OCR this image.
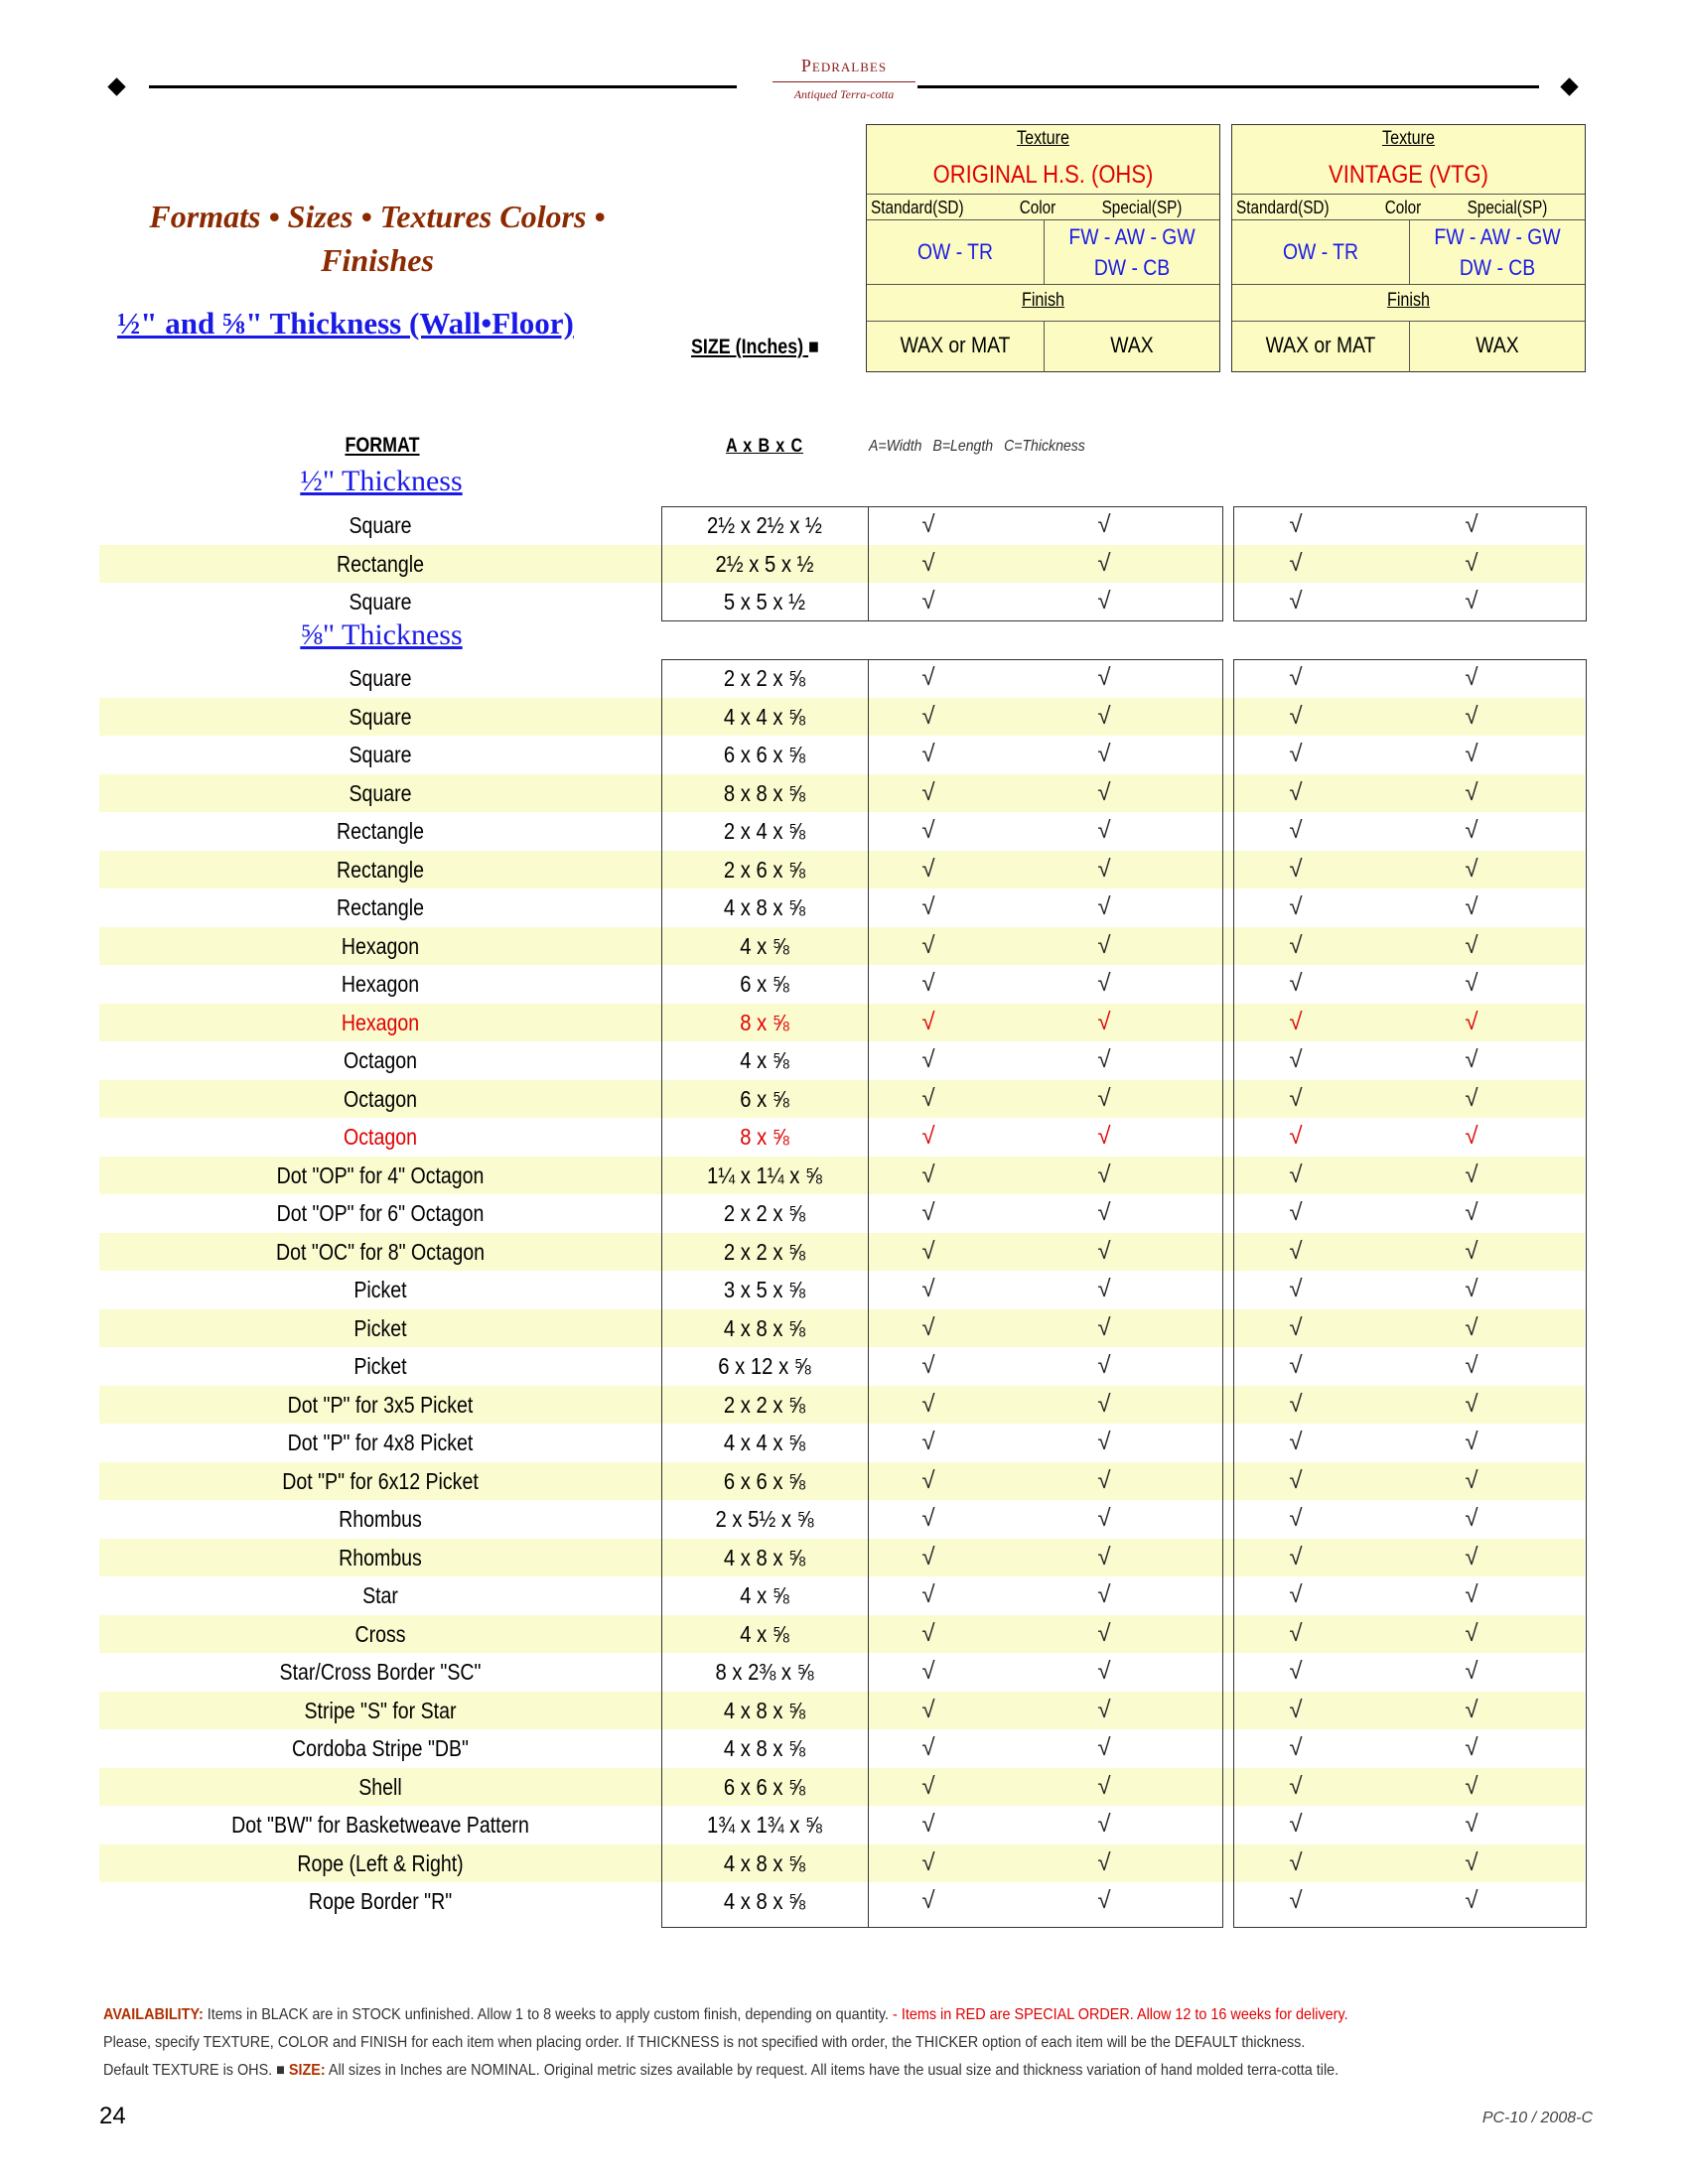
Pedralbes
Antiqued Terra-cotta
Formats • Sizes • Textures Colors •
Finishes
½" and ⅝" Thickness (Wall•Floor)
SIZE (Inches) ■
Texture
ORIGINAL H.S. (OHS)
Standard(SD)	Color	Special(SP)
OW - TR
FW - AW - GW
DW - CB
Finish
WAX or MAT	WAX
Texture
VINTAGE (VTG)
Standard(SD)	Color	Special(SP)
OW - TR
FW - AW - GW
DW - CB
Finish
WAX or MAT	WAX
FORMAT	A x B x C	A=Width B=Length C=Thickness
½" Thickness
Square	2½ x 2½ x ½	√	√	√	√
Rectangle	2½ x 5 x ½	√	√	√	√
Square	5 x 5 x ½	√	√	√	√
⅝" Thickness
Square	2 x 2 x ⅝	√	√	√	√
Square	4 x 4 x ⅝	√	√	√	√
Square	6 x 6 x ⅝	√	√	√	√
Square	8 x 8 x ⅝	√	√	√	√
Rectangle	2 x 4 x ⅝	√	√	√	√
Rectangle	2 x 6 x ⅝	√	√	√	√
Rectangle	4 x 8 x ⅝	√	√	√	√
Hexagon	4 x ⅝	√	√	√	√
Hexagon	6 x ⅝	√	√	√	√
Hexagon	8 x ⅝	√	√	√	√
Octagon	4 x ⅝	√	√	√	√
Octagon	6 x ⅝	√	√	√	√
Octagon	8 x ⅝	√	√	√	√
Dot "OP" for 4" Octagon	1¼ x 1¼ x ⅝	√	√	√	√
Dot "OP" for 6" Octagon	2 x 2 x ⅝	√	√	√	√
Dot "OC" for 8" Octagon	2 x 2 x ⅝	√	√	√	√
Picket	3 x 5 x ⅝	√	√	√	√
Picket	4 x 8 x ⅝	√	√	√	√
Picket	6 x 12 x ⅝	√	√	√	√
Dot "P" for 3x5 Picket	2 x 2 x ⅝	√	√	√	√
Dot "P" for 4x8 Picket	4 x 4 x ⅝	√	√	√	√
Dot "P" for 6x12 Picket	6 x 6 x ⅝	√	√	√	√
Rhombus	2 x 5½ x ⅝	√	√	√	√
Rhombus	4 x 8 x ⅝	√	√	√	√
Star	4 x ⅝	√	√	√	√
Cross	4 x ⅝	√	√	√	√
Star/Cross Border "SC"	8 x 2⅜ x ⅝	√	√	√	√
Stripe "S" for Star	4 x 8 x ⅝	√	√	√	√
Cordoba Stripe "DB"	4 x 8 x ⅝	√	√	√	√
Shell	6 x 6 x ⅝	√	√	√	√
Dot "BW" for Basketweave Pattern	1¾ x 1¾ x ⅝	√	√	√	√
Rope (Left & Right)	4 x 8 x ⅝	√	√	√	√
Rope Border "R"	4 x 8 x ⅝	√	√	√	√
AVAILABILITY: Items in BLACK are in STOCK unfinished. Allow 1 to 8 weeks to apply custom finish, depending on quantity. - Items in RED are SPECIAL ORDER. Allow 12 to 16 weeks for delivery.
Please, specify TEXTURE, COLOR and FINISH for each item when placing order. If THICKNESS is not specified with order, the THICKER option of each item will be the DEFAULT thickness.
Default TEXTURE is OHS. ■ SIZE: All sizes in Inches are NOMINAL. Original metric sizes available by request. All items have the usual size and thickness variation of hand molded terra-cotta tile.
24	PC-10 / 2008-C
